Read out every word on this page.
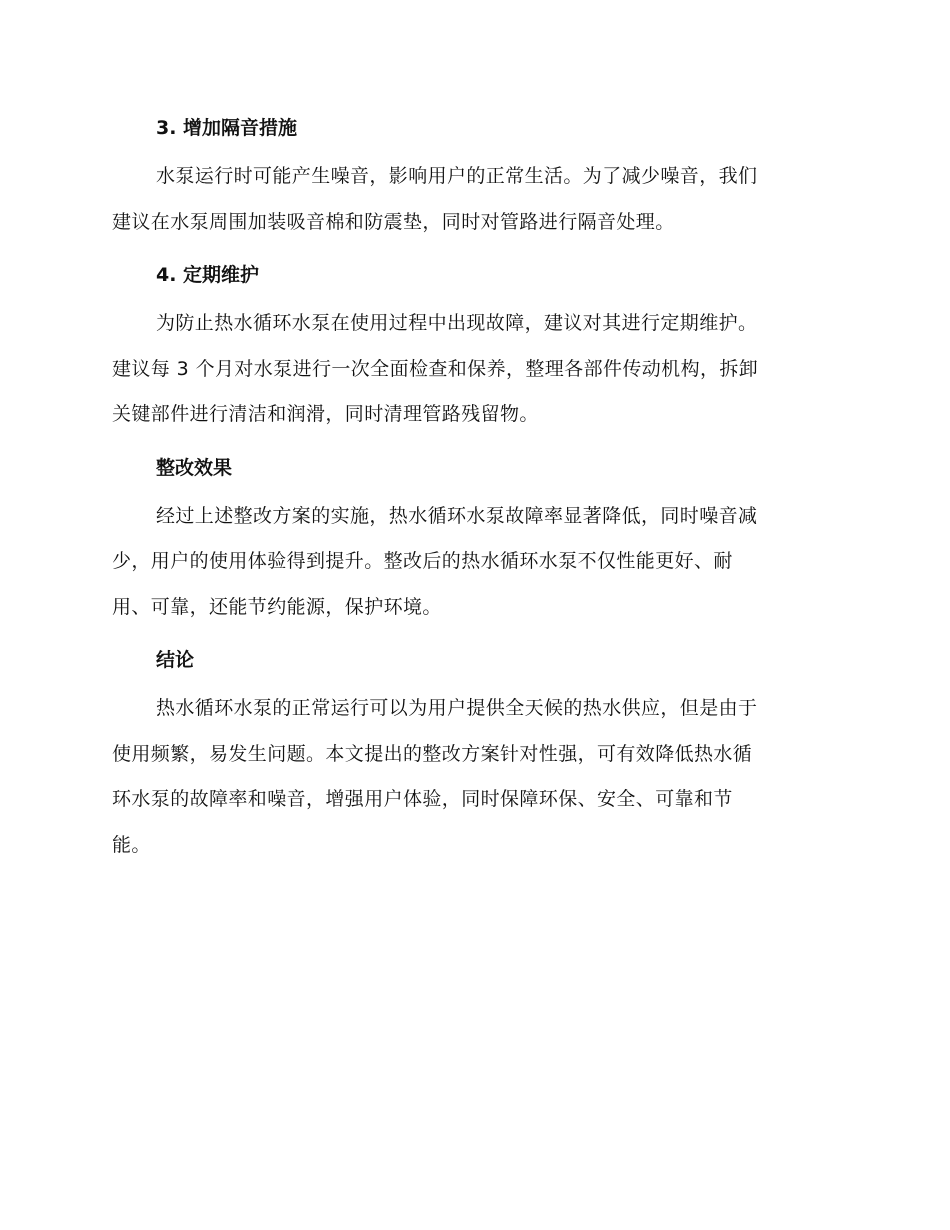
3. 增加隔音措施

水泵运行时可能产生噪音，影响用户的正常生活。为了减少噪音，我们
建议在水泵周围加装吸音棉和防震垫，同时对管路进行隔音处理。

4. 定期维护

为防止热水循环水泵在使用过程中出现故障，建议对其进行定期维护。
建议每 3 个月对水泵进行一次全面检查和保养，整理各部件传动机构，拆卸
关键部件进行清洁和润滑，同时清理管路残留物。

整改效果

经过上述整改方案的实施，热水循环水泵故障率显著降低，同时噪音减
少，用户的使用体验得到提升。整改后的热水循环水泵不仅性能更好、耐
用、可靠，还能节约能源，保护环境。

结论

热水循环水泵的正常运行可以为用户提供全天候的热水供应，但是由于
使用频繁，易发生问题。本文提出的整改方案针对性强，可有效降低热水循
环水泵的故障率和噪音，增强用户体验，同时保障环保、安全、可靠和节
能。
